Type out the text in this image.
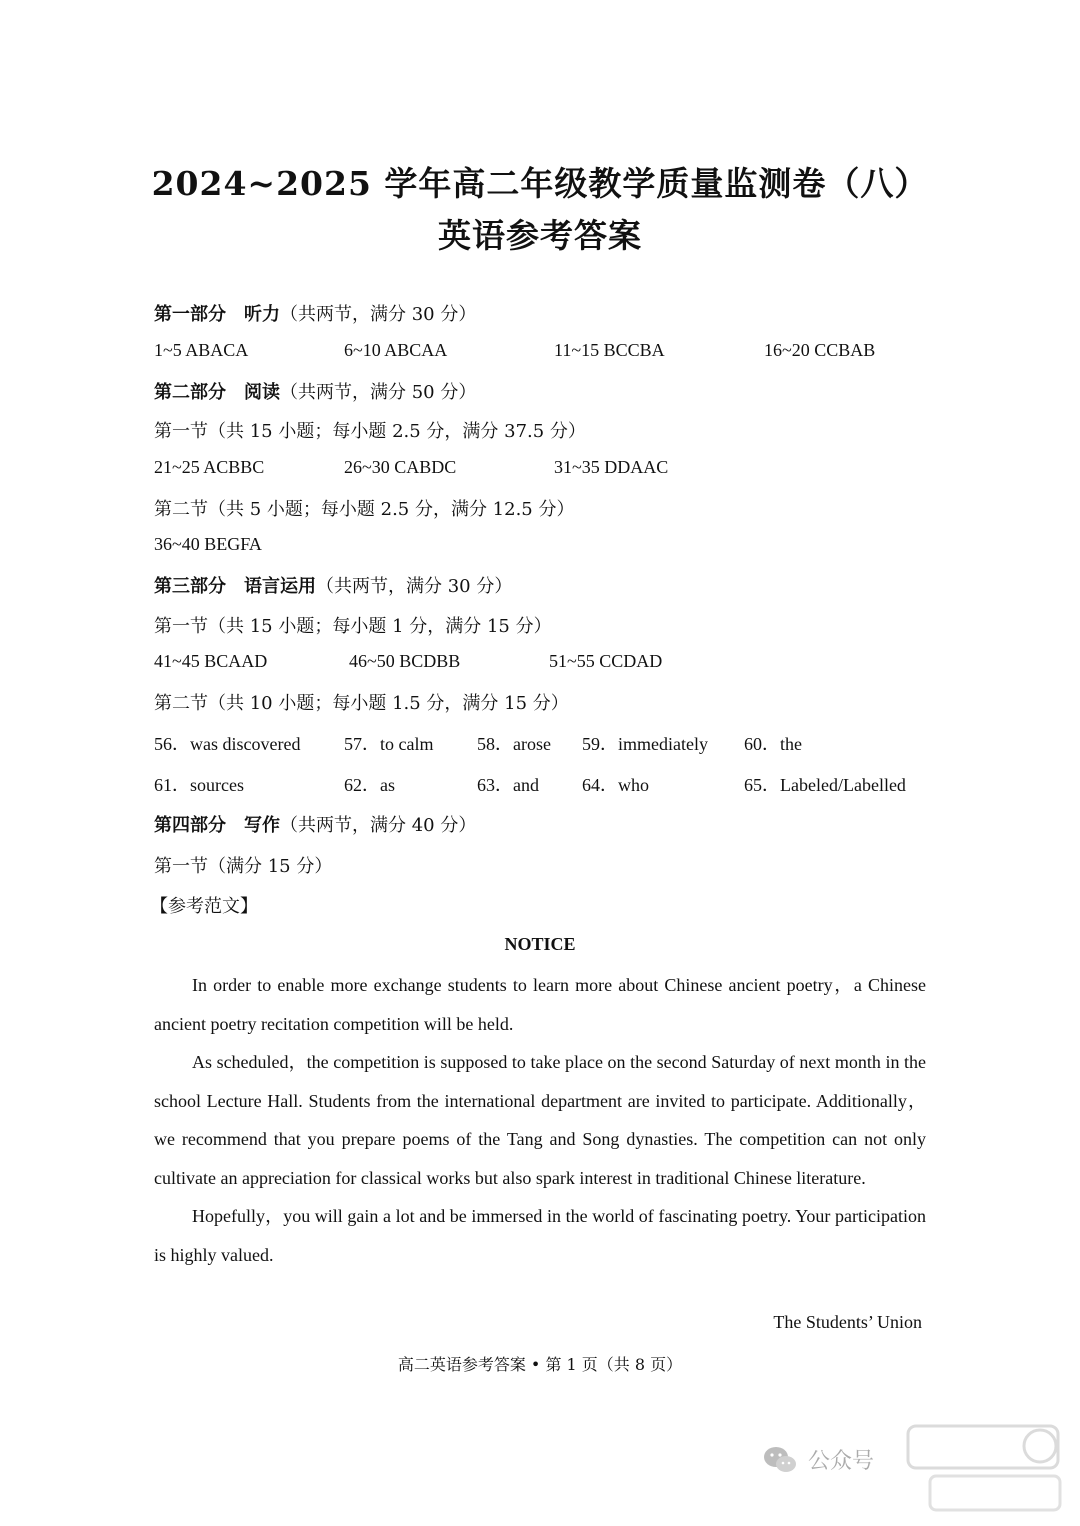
2024~2025 学年高二年级教学质量监测卷（八）
英语参考答案
第一部分　听力（共两节，满分 30 分）
1~5 ABACA	6~10 ABCAA	11~15 BCCBA	16~20 CCBAB
第二部分　阅读（共两节，满分 50 分）
第一节（共 15 小题；每小题 2.5 分，满分 37.5 分）
21~25 ACBBC	26~30 CABDC	31~35 DDAAC
第二节（共 5 小题；每小题 2.5 分，满分 12.5 分）
36~40 BEGFA
第三部分　语言运用（共两节，满分 30 分）
第一节（共 15 小题；每小题 1 分，满分 15 分）
41~45 BCAAD	46~50 BCDBB	51~55 CCDAD
第二节（共 10 小题；每小题 1.5 分，满分 15 分）
56．was discovered 57．to calm 58．arose 59．immediately 60．the
61．sources	62．as	63．and 64．who	65．Labeled/Labelled
第四部分　写作（共两节，满分 40 分）
第一节（满分 15 分）
【参考范文】
NOTICE

In order to enable more exchange students to learn more about Chinese ancient poetry，a Chinese ancient poetry recitation competition will be held.

As scheduled，the competition is supposed to take place on the second Saturday of next month in the school Lecture Hall. Students from the international department are invited to participate. Additionally，we recommend that you prepare poems of the Tang and Song dynasties. The competition can not only cultivate an appreciation for classical works but also spark interest in traditional Chinese literature.

Hopefully，you will gain a lot and be immersed in the world of fascinating poetry. Your participation is highly valued.

The Students’ Union
高二英语参考答案 • 第 1 页（共 8 页）
公众号
